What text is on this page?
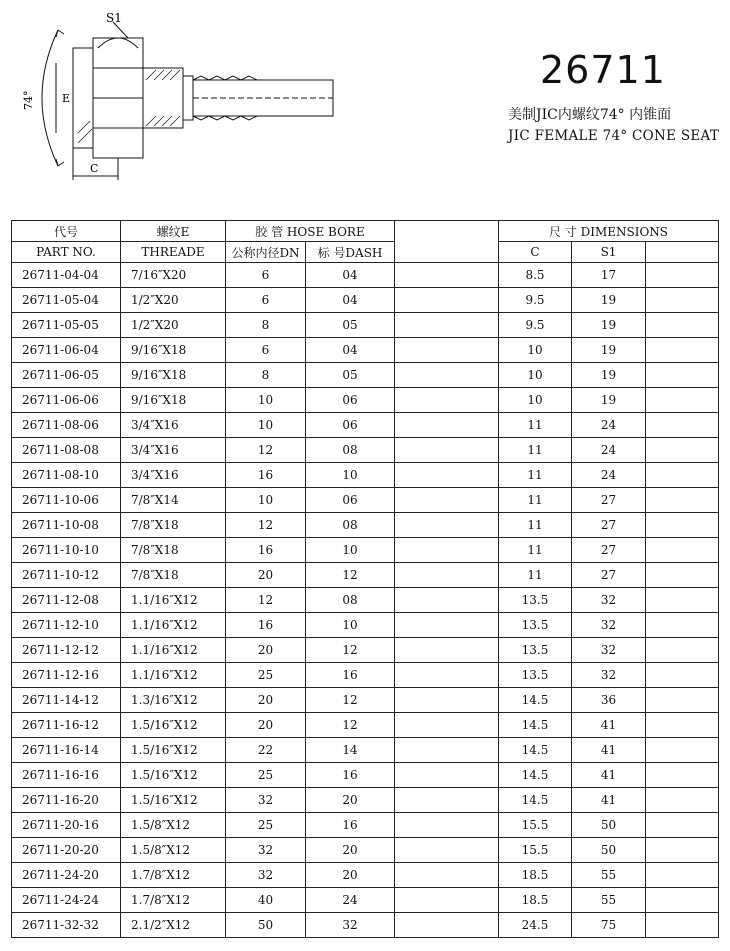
S1
E
C
74°
26711
美制JIC内螺纹74° 内锥面
JIC FEMALE 74° CONE SEAT
代号	螺纹E	胶 管 HOSE BORE			尺 寸 DIMENSIONS		
PART NO.	THREADE	公称内径DN	标 号DASH		C	S1	
26711-04-04	7/16″X20	6	04		8.5	17	
26711-05-04	1/2″X20	6	04		9.5	19	
26711-05-05	1/2″X20	8	05		9.5	19	
26711-06-04	9/16″X18	6	04		10	19	
26711-06-05	9/16″X18	8	05		10	19	
26711-06-06	9/16″X18	10	06		10	19	
26711-08-06	3/4″X16	10	06		11	24	
26711-08-08	3/4″X16	12	08		11	24	
26711-08-10	3/4″X16	16	10		11	24	
26711-10-06	7/8″X14	10	06		11	27	
26711-10-08	7/8″X18	12	08		11	27	
26711-10-10	7/8″X18	16	10		11	27	
26711-10-12	7/8″X18	20	12		11	27	
26711-12-08	1.1/16″X12	12	08		13.5	32	
26711-12-10	1.1/16″X12	16	10		13.5	32	
26711-12-12	1.1/16″X12	20	12		13.5	32	
26711-12-16	1.1/16″X12	25	16		13.5	32	
26711-14-12	1.3/16″X12	20	12		14.5	36	
26711-16-12	1.5/16″X12	20	12		14.5	41	
26711-16-14	1.5/16″X12	22	14		14.5	41	
26711-16-16	1.5/16″X12	25	16		14.5	41	
26711-16-20	1.5/16″X12	32	20		14.5	41	
26711-20-16	1.5/8″X12	25	16		15.5	50	
26711-20-20	1.5/8″X12	32	20		15.5	50	
26711-24-20	1.7/8″X12	32	20		18.5	55	
26711-24-24	1.7/8″X12	40	24		18.5	55	
26711-32-32	2.1/2″X12	50	32		24.5	75	
